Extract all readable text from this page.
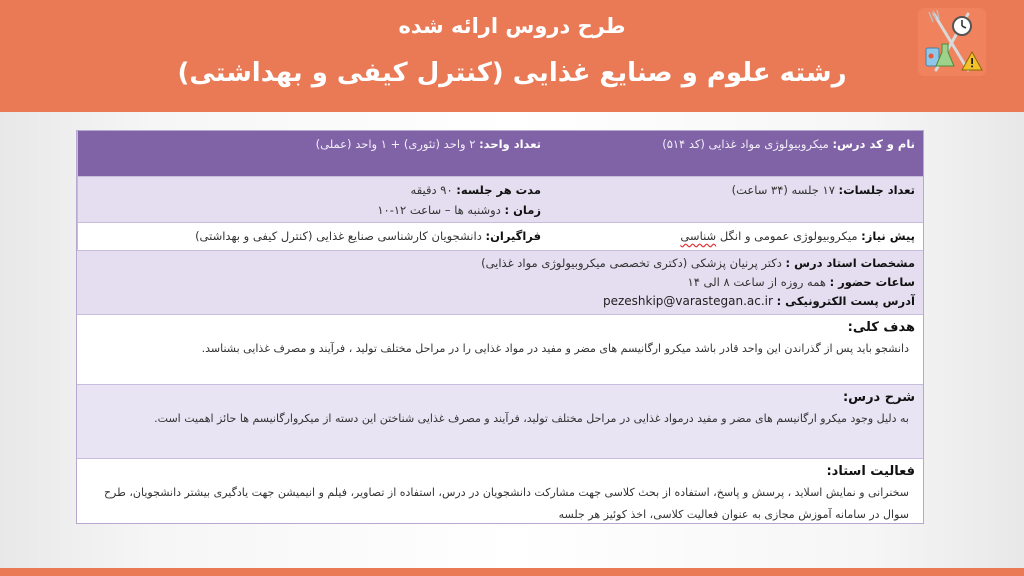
طرح دروس ارائه شده
رشته علوم و صنایع غذایی (کنترل کیفی و بهداشتی)
نام و کد درس: میکروبیولوژی مواد غذایی (کد ۵۱۴)
تعداد واحد: ۲ واحد (تئوری) + ۱ واحد (عملی)
تعداد جلسات: ۱۷ جلسه (۳۴ ساعت)
مدت هر جلسه: ۹۰ دقیقه
زمان : دوشنبه ها – ساعت ۱۲-۱۰
پیش نیاز: میکروبیولوژی عمومی و انگل شناسی
فراگیران: دانشجویان کارشناسی صنایع غذایی (کنترل کیفی و بهداشتی)
مشخصات استاد درس : دکتر پرنیان پزشکی (دکتری تخصصی میکروبیولوژی مواد غذایی)
ساعات حضور : همه روزه از ساعت ۸ الی ۱۴
آدرس پست الکترونیکی : pezeshkip@varastegan.ac.ir
هدف کلی:
دانشجو باید پس از گذراندن این واحد قادر باشد میکرو ارگانیسم های مضر و مفید در مواد غذایی را در مراحل مختلف تولید ، فرآیند و مصرف غذایی بشناسد.
شرح درس:
به دلیل وجود میکرو ارگانیسم های مضر و مفید درمواد غذایی در مراحل مختلف تولید، فرآیند و مصرف غذایی شناختن این دسته از میکروارگانیسم ها حائز اهمیت است.
فعالیت استاد:
سخنرانی و نمایش اسلاید ، پرسش و پاسخ، استفاده از بحث کلاسی جهت مشارکت دانشجویان در درس، استفاده از تصاویر، فیلم و انیمیشن جهت یادگیری بیشتر دانشجویان، طرح سوال در سامانه آموزش مجازی به عنوان فعالیت کلاسی، اخذ کوئیز هر جلسه
